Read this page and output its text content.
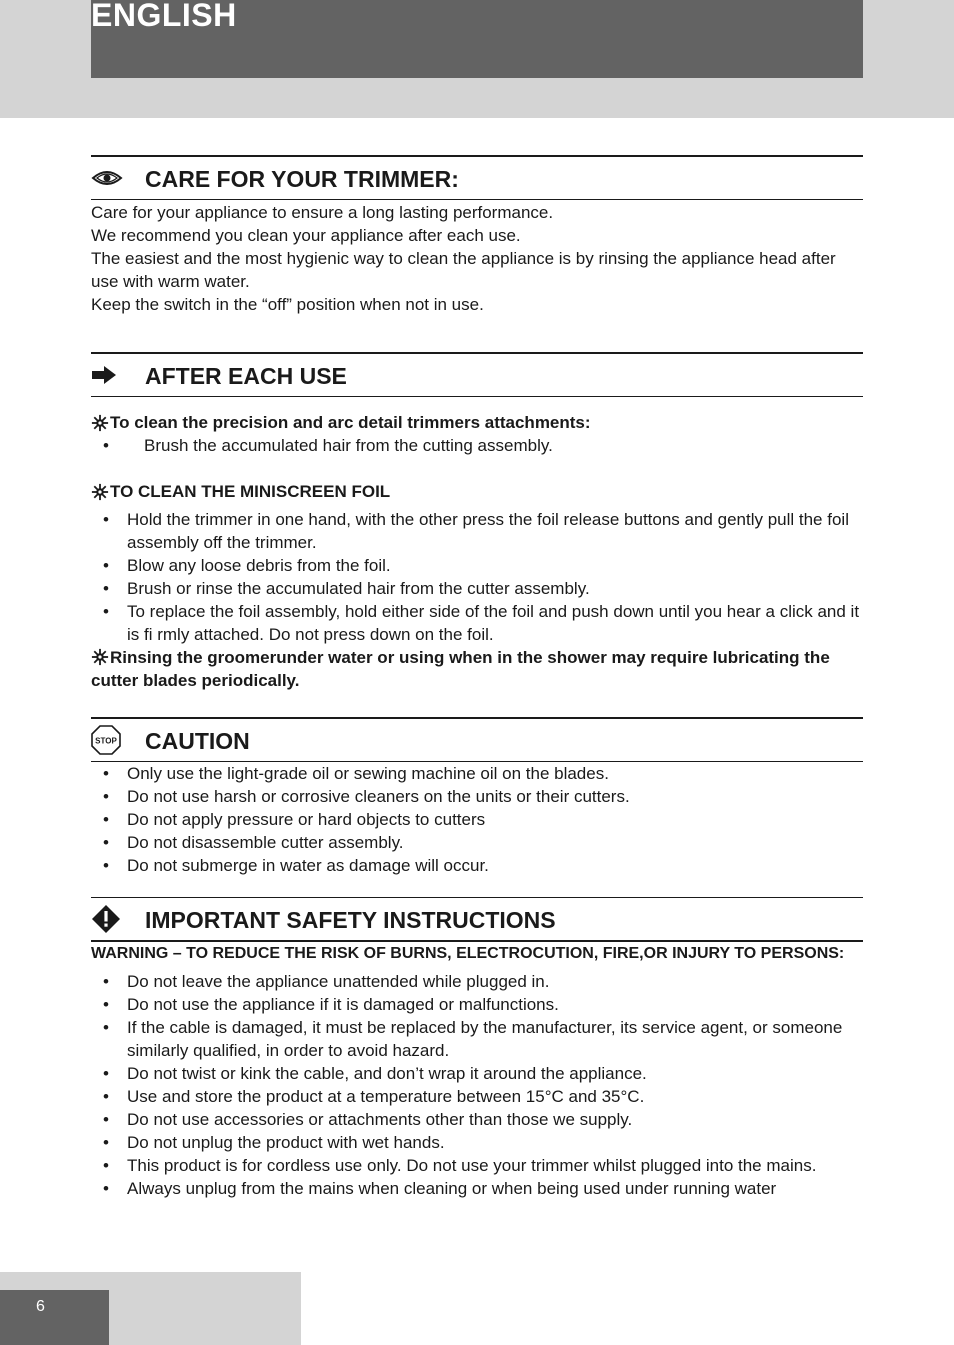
ENGLISH
CARE FOR YOUR TRIMMER:

Care for your appliance to ensure a long lasting performance.

We recommend you clean your appliance after each use.

The easiest and the most hygienic way to clean the appliance is by rinsing the appliance head after use with warm water.

Keep the switch in the “off” position when not in use.

AFTER EACH USE

To clean the precision and arc detail trimmers attachments:

• Brush the accumulated hair from the cutting assembly.

TO CLEAN THE MINISCREEN FOIL

• Hold the trimmer in one hand, with the other press the foil release buttons and gently pull the foil assembly off the trimmer.
• Blow any loose debris from the foil.
• Brush or rinse the accumulated hair from the cutter assembly.
• To replace the foil assembly, hold either side of the foil and push down until you hear a click and it is ﬁ rmly attached. Do not press down on the foil.

Rinsing the groomerunder water or using when in the shower may require lubricating the cutter blades periodically.

STOP CAUTION
• Only use the light-grade oil or sewing machine oil on the blades.
• Do not use harsh or corrosive cleaners on the units or their cutters.
• Do not apply pressure or hard objects to cutters
• Do not disassemble cutter assembly.
• Do not submerge in water as damage will occur.
IMPORTANT SAFETY INSTRUCTIONS

WARNING – TO REDUCE THE RISK OF BURNS, ELECTROCUTION, FIRE,OR INJURY TO PERSONS:

• Do not leave the appliance unattended while plugged in.
• Do not use the appliance if it is damaged or malfunctions.
• If the cable is damaged, it must be replaced by the manufacturer, its service agent, or someone similarly qualiﬁed, in order to avoid hazard.
• Do not twist or kink the cable, and don’t wrap it around the appliance.
• Use and store the product at a temperature between 15°C and 35°C.
• Do not use accessories or attachments other than those we supply.
• Do not unplug the product with wet hands.
• This product is for cordless use only. Do not use your trimmer whilst plugged into the mains.
• Always unplug from the mains when cleaning or when being used under running water
6
